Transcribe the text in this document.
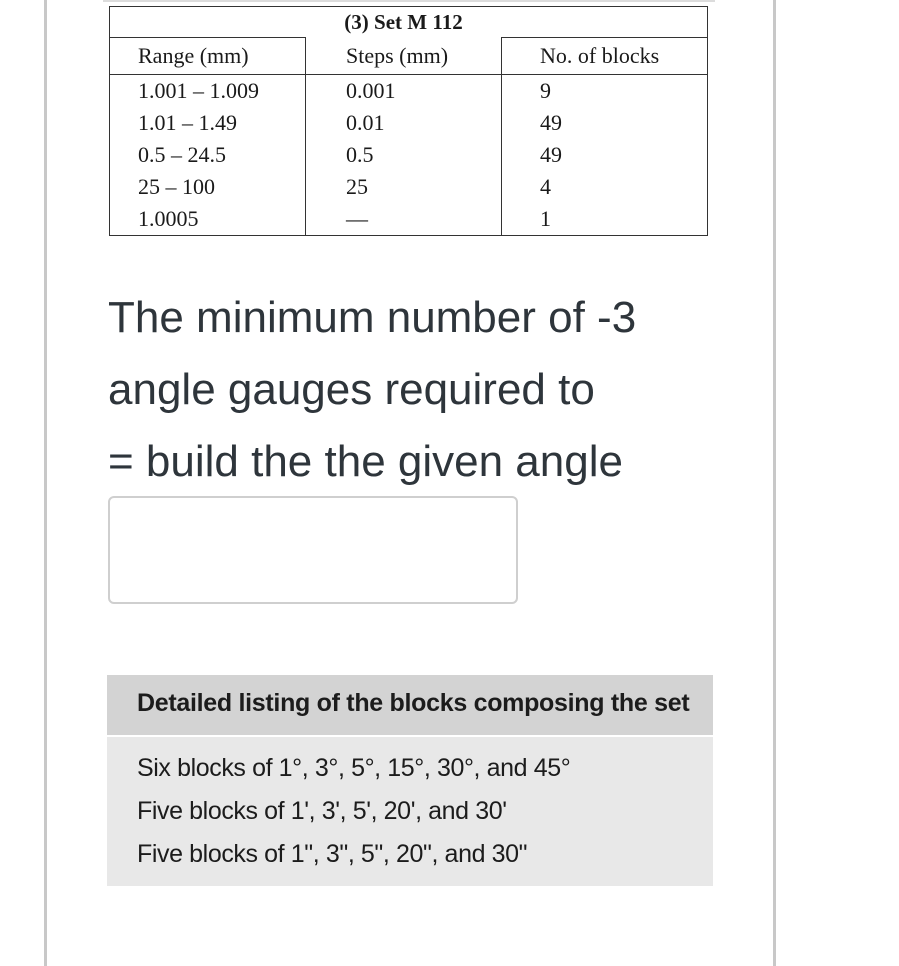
	(3) Set M 112	
Range (mm)	Steps (mm)	No. of blocks
1.001 – 1.009	0.001	9
1.01 – 1.49	0.01	49
0.5 – 24.5	0.5	49
25 – 100	25	4
1.0005	—	1
The minimum number of -3
angle gauges required to
= build the the given angle
Detailed listing of the blocks composing the set
Six blocks of 1°, 3°, 5°, 15°, 30°, and 45°
Five blocks of 1', 3', 5', 20', and 30'
Five blocks of 1", 3", 5", 20", and 30"
